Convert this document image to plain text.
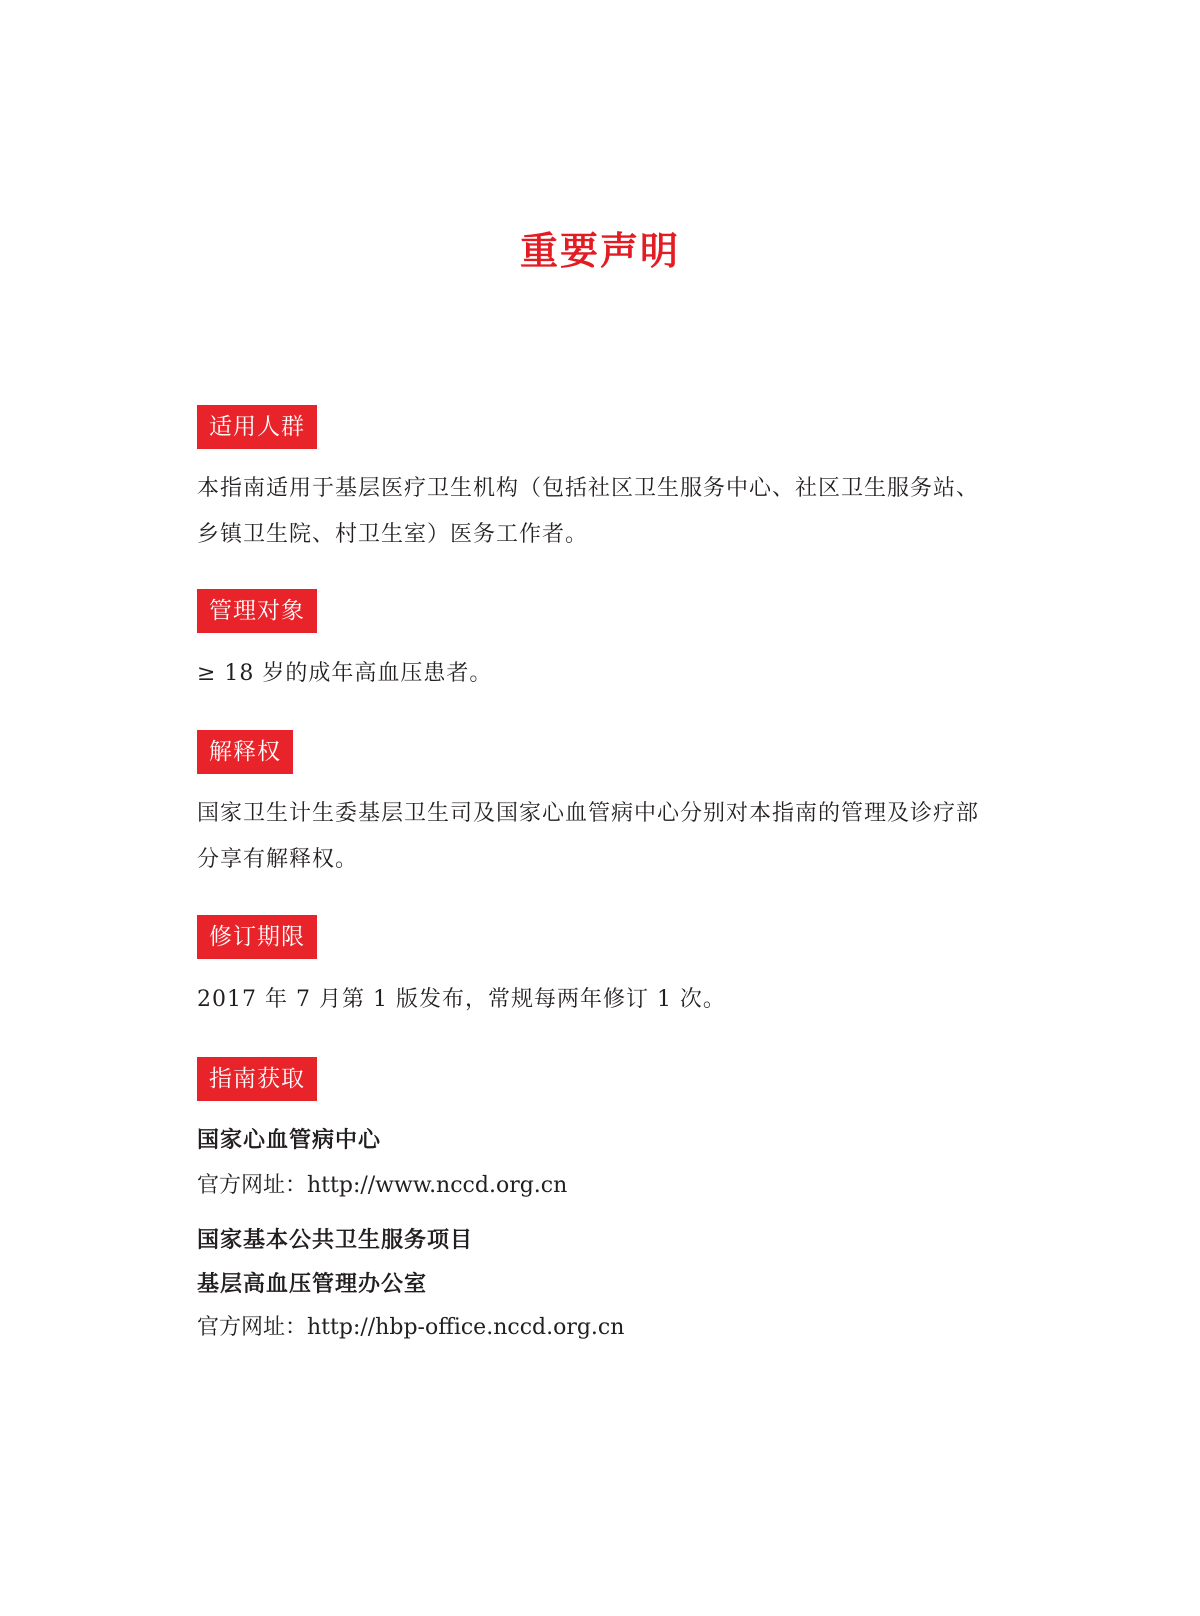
重要声明
适用人群
本指南适用于基层医疗卫生机构（包括社区卫生服务中心、社区卫生服务站、
乡镇卫生院、村卫生室）医务工作者。
管理对象
≥ 18 岁的成年高血压患者。
解释权
国家卫生计生委基层卫生司及国家心血管病中心分别对本指南的管理及诊疗部
分享有解释权。
修订期限
2017 年 7 月第 1 版发布，常规每两年修订 1 次。
指南获取
国家心血管病中心
官方网址：http://www.nccd.org.cn
国家基本公共卫生服务项目
基层高血压管理办公室
官方网址：http://hbp-office.nccd.org.cn
